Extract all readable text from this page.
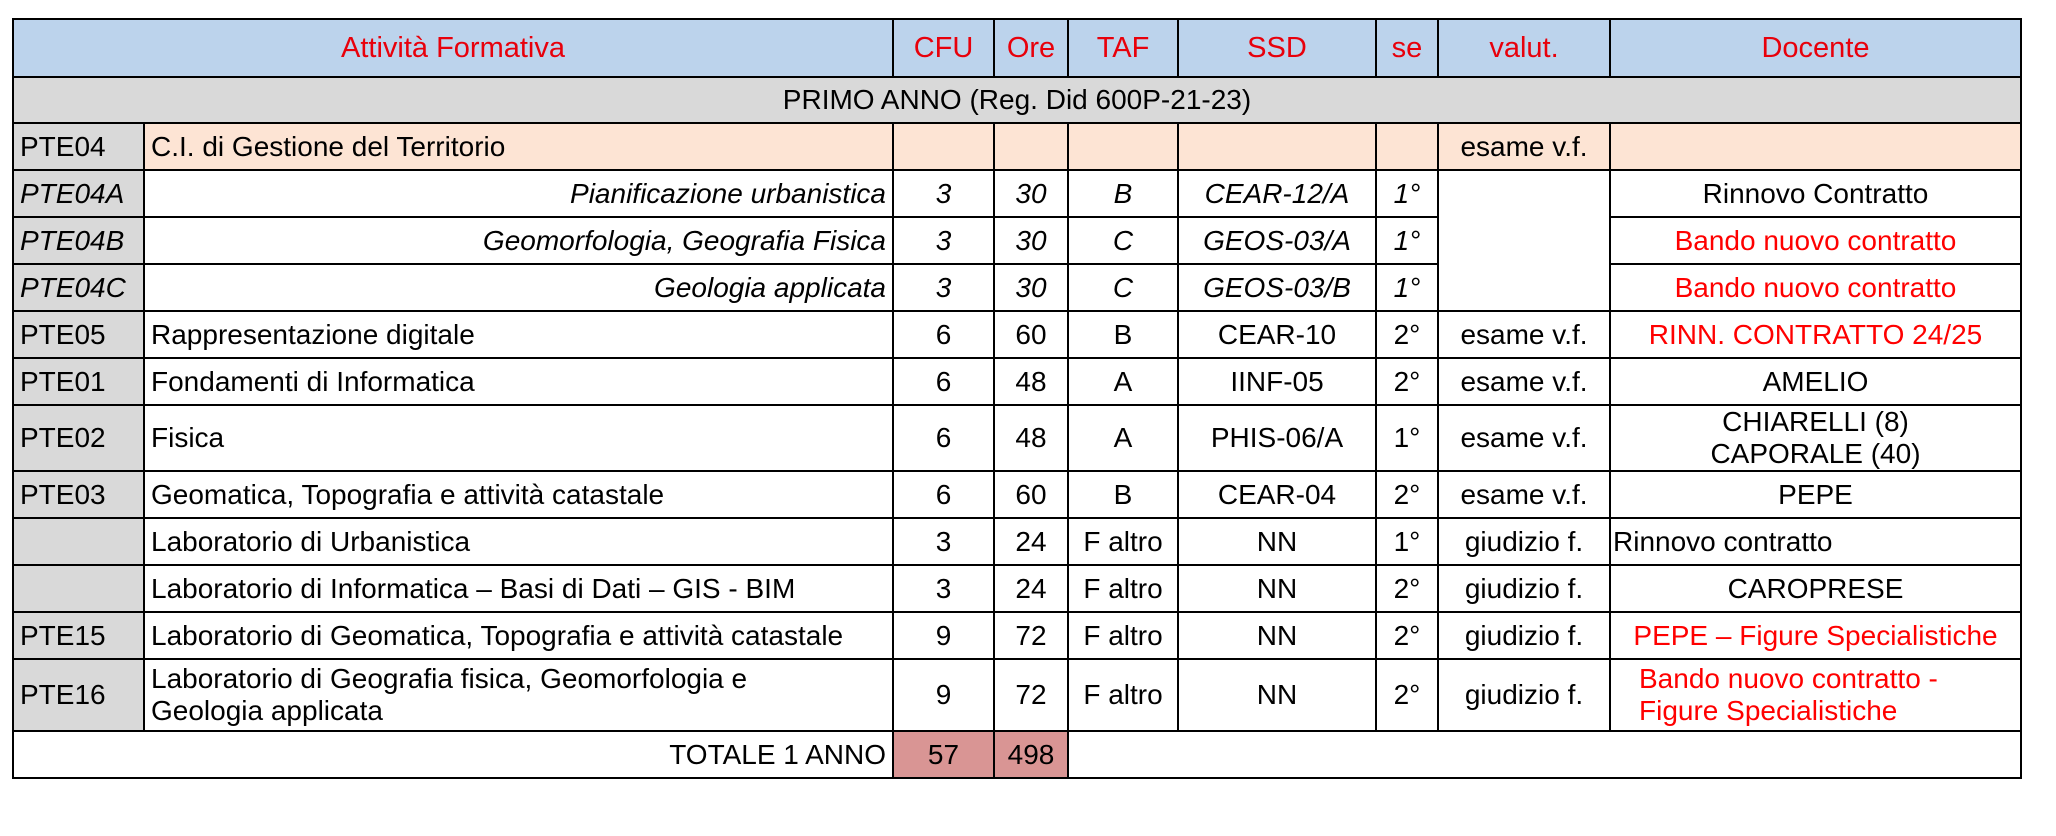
Attività Formativa		CFU	Ore	TAF	SSD	se	valut.	Docente
PRIMO ANNO (Reg. Did 600P-21-23)								
PTE04	C.I. di Gestione del Territorio						esame v.f.	
PTE04A	Pianificazione urbanistica	3	30	B	CEAR-12/A	1°		Rinnovo Contratto
PTE04B	Geomorfologia, Geografia Fisica	3	30	C	GEOS-03/A	1°		Bando nuovo contratto
PTE04C	Geologia applicata	3	30	C	GEOS-03/B	1°		Bando nuovo contratto
PTE05	Rappresentazione digitale	6	60	B	CEAR-10	2°	esame v.f.	RINN. CONTRATTO 24/25
PTE01	Fondamenti di Informatica	6	48	A	IINF-05	2°	esame v.f.	AMELIO
PTE02	Fisica	6	48	A	PHIS-06/A	1°	esame v.f.	CHIARELLI (8)
CAPORALE (40)
PTE03	Geomatica, Topografia e attività catastale	6	60	B	CEAR-04	2°	esame v.f.	PEPE
	Laboratorio di Urbanistica	3	24	F altro	NN	1°	giudizio f.	Rinnovo contratto
	Laboratorio di Informatica – Basi di Dati – GIS - BIM	3	24	F altro	NN	2°	giudizio f.	CAROPRESE
PTE15	Laboratorio di Geomatica, Topografia e attività catastale	9	72	F altro	NN	2°	giudizio f.	PEPE – Figure Specialistiche
PTE16	Laboratorio di Geografia fisica, Geomorfologia e
Geologia applicata	9	72	F altro	NN	2°	giudizio f.	Bando nuovo contratto -
Figure Specialistiche
TOTALE 1 ANNO		57	498					
